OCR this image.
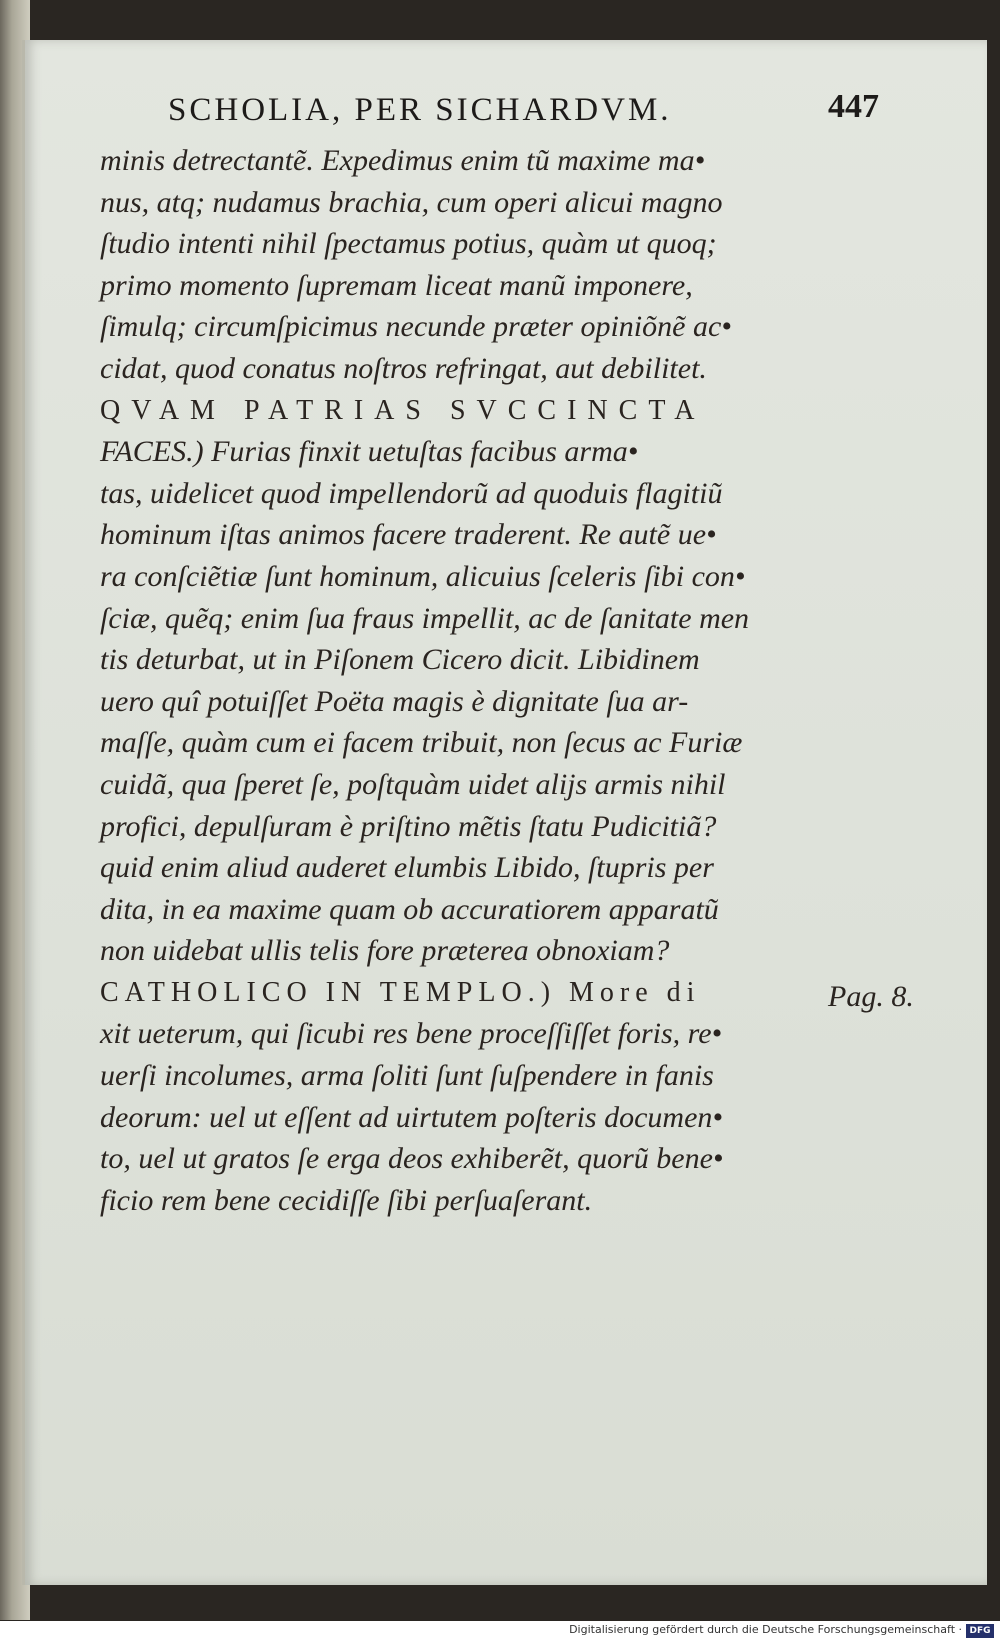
SCHOLIA, PER SICHARDVM.	447
minis detrectantẽ. Expedimus enim tũ maxime ma•
nus, atq; nudamus brachia, cum operi alicui magno
ſtudio intenti nihil ſpectamus potius, quàm ut quoq;
primo momento ſupremam liceat manũ imponere,
ſimulq; circumſpicimus necunde præter opiniõnẽ ac•
cidat, quod conatus noſtros refringat, aut debilitet.
QVAM PATRIAS SVCCINCTA
FACES.) Furias finxit uetuſtas facibus arma•
tas, uidelicet quod impellendorũ ad quoduis flagitiũ
hominum iſtas animos facere traderent. Re autẽ ue•
ra conſciẽtiæ ſunt hominum, alicuius ſceleris ſibi con•
ſciæ, quẽq; enim ſua fraus impellit, ac de ſanitate men
tis deturbat, ut in Piſonem Cicero dicit. Libidinem
uero quî potuiſſet Poëta magis è dignitate ſua ar-
maſſe, quàm cum ei facem tribuit, non ſecus ac Furiæ
cuidã, qua ſperet ſe, poſtquàm uidet alijs armis nihil
profici, depulſuram è priſtino mẽtis ſtatu Pudicitiã?
quid enim aliud auderet elumbis Libido, ſtupris per
dita, in ea maxime quam ob accuratiorem apparatũ
non uidebat ullis telis fore præterea obnoxiam?
CATHOLICO IN TEMPLO.) More di
xit ueterum, qui ſicubi res bene proceſſiſſet foris, re•
uerſi incolumes, arma ſoliti ſunt ſuſpendere in fanis
deorum: uel ut eſſent ad uirtutem poſteris documen•
to, uel ut gratos ſe erga deos exhiberẽt, quorũ bene•
ficio rem bene cecidiſſe ſibi perſuaſerant.
Pag. 8.
Digitalisierung gefördert durch die Deutsche Forschungsgemeinschaft · DFG
